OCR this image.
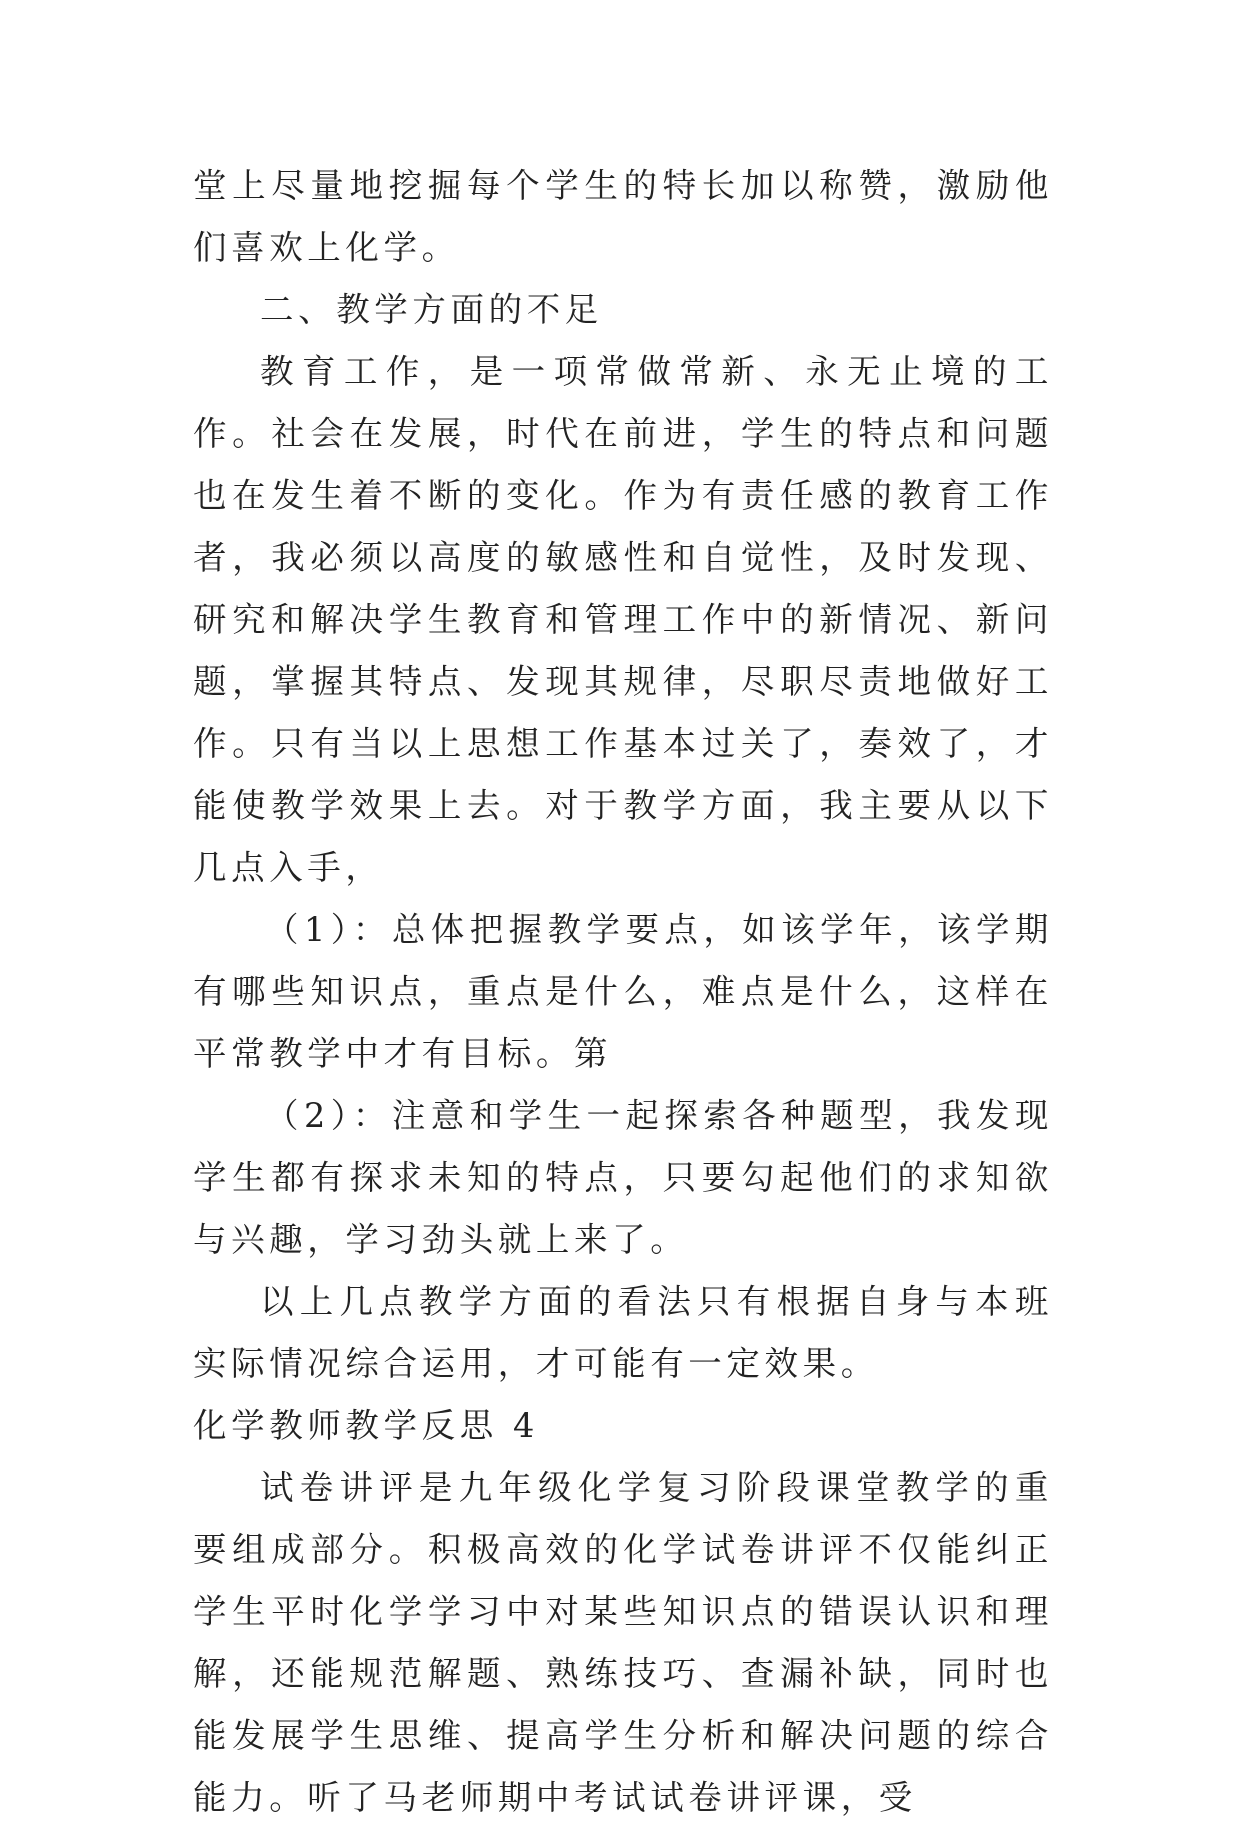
堂上尽量地挖掘每个学生的特长加以称赞，激励他们喜欢上化学。

二、教学方面的不足

教育工作，是一项常做常新、永无止境的工作。社会在发展，时代在前进，学生的特点和问题也在发生着不断的变化。作为有责任感的教育工作者，我必须以高度的敏感性和自觉性，及时发现、研究和解决学生教育和管理工作中的新情况、新问题，掌握其特点、发现其规律，尽职尽责地做好工作。只有当以上思想工作基本过关了，奏效了，才能使教学效果上去。对于教学方面，我主要从以下几点入手，

（1）：总体把握教学要点，如该学年，该学期有哪些知识点，重点是什么，难点是什么，这样在平常教学中才有目标。第

（2）：注意和学生一起探索各种题型，我发现学生都有探求未知的特点，只要勾起他们的求知欲与兴趣，学习劲头就上来了。

以上几点教学方面的看法只有根据自身与本班实际情况综合运用，才可能有一定效果。

化学教师教学反思 4

试卷讲评是九年级化学复习阶段课堂教学的重要组成部分。积极高效的化学试卷讲评不仅能纠正学生平时化学学习中对某些知识点的错误认识和理解，还能规范解题、熟练技巧、查漏补缺，同时也能发展学生思维、提高学生分析和解决问题的综合能力。听了马老师期中考试试卷讲评课，受
